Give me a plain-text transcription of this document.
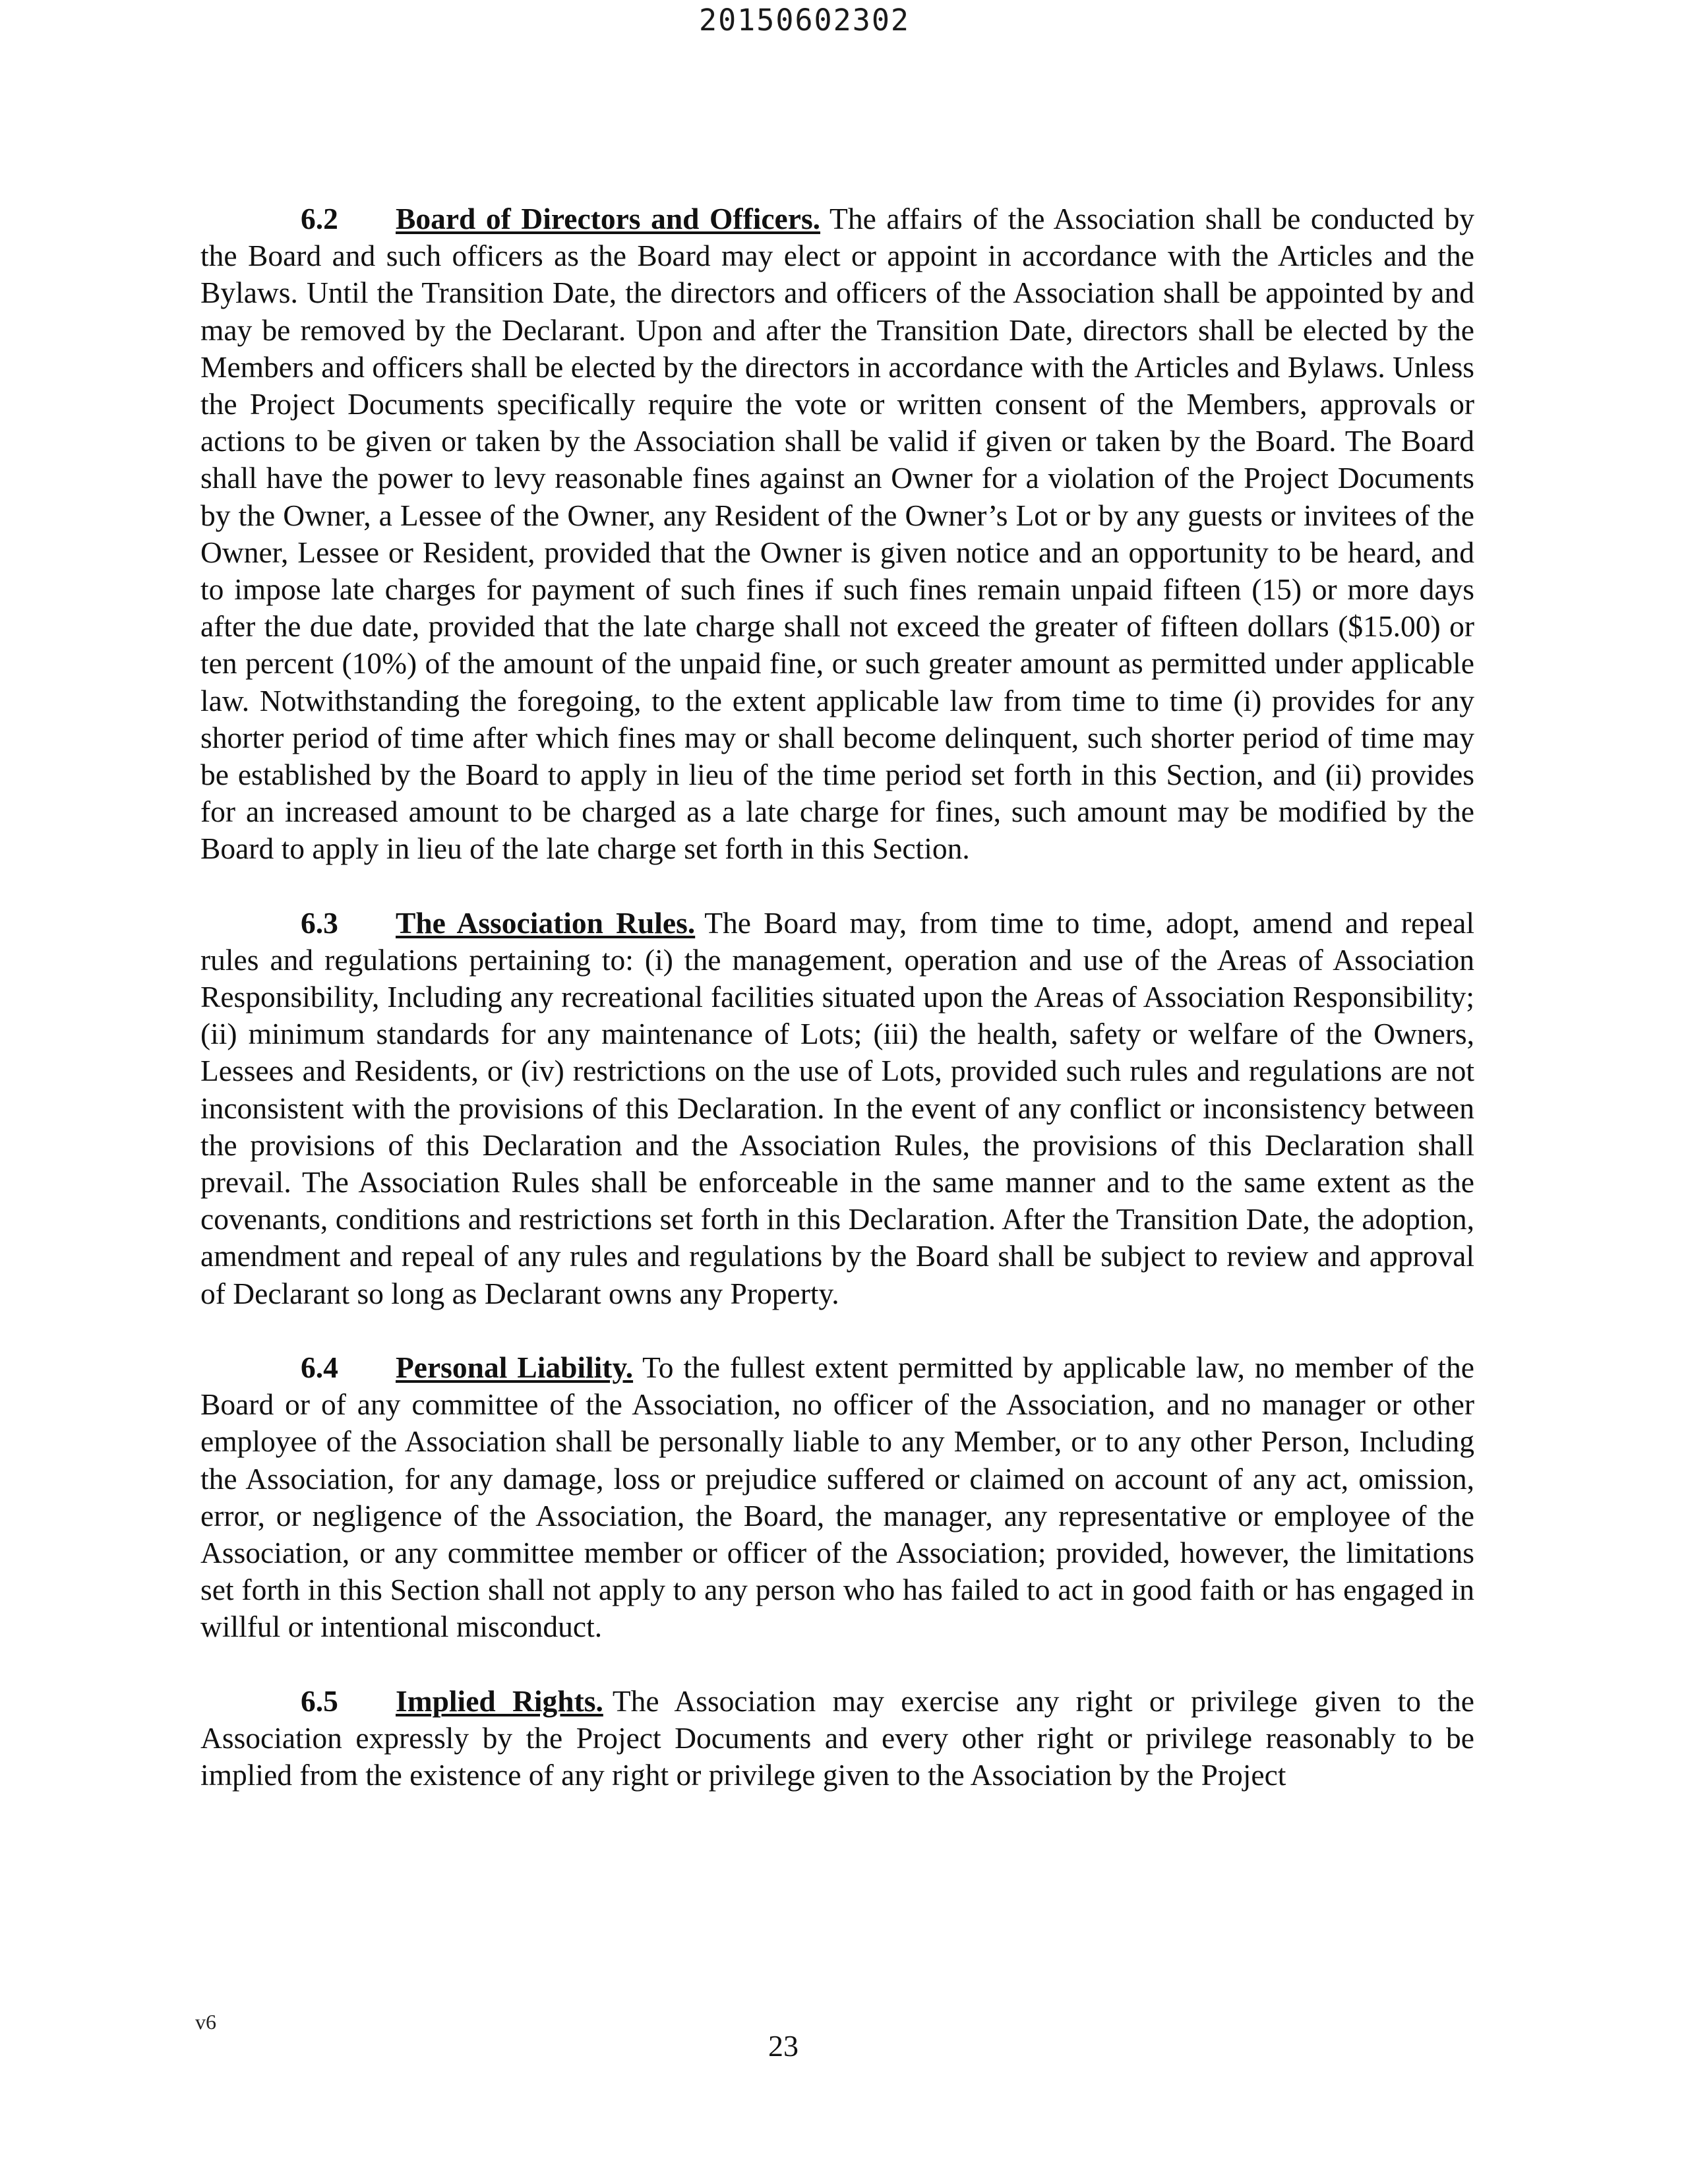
20150602302

6.2 Board of Directors and Officers. The affairs of the Association shall be conducted by the Board and such officers as the Board may elect or appoint in accordance with the Articles and the Bylaws. Until the Transition Date, the directors and officers of the Association shall be appointed by and may be removed by the Declarant. Upon and after the Transition Date, directors shall be elected by the Members and officers shall be elected by the directors in accordance with the Articles and Bylaws. Unless the Project Documents specifically require the vote or written consent of the Members, approvals or actions to be given or taken by the Association shall be valid if given or taken by the Board. The Board shall have the power to levy reasonable fines against an Owner for a violation of the Project Documents by the Owner, a Lessee of the Owner, any Resident of the Owner’s Lot or by any guests or invitees of the Owner, Lessee or Resident, provided that the Owner is given notice and an opportunity to be heard, and to impose late charges for payment of such fines if such fines remain unpaid fifteen (15) or more days after the due date, provided that the late charge shall not exceed the greater of fifteen dollars ($15.00) or ten percent (10%) of the amount of the unpaid fine, or such greater amount as permitted under applicable law. Notwithstanding the foregoing, to the extent applicable law from time to time (i) provides for any shorter period of time after which fines may or shall become delinquent, such shorter period of time may be established by the Board to apply in lieu of the time period set forth in this Section, and (ii) provides for an increased amount to be charged as a late charge for fines, such amount may be modified by the Board to apply in lieu of the late charge set forth in this Section.

6.3 The Association Rules. The Board may, from time to time, adopt, amend and repeal rules and regulations pertaining to: (i) the management, operation and use of the Areas of Association Responsibility, Including any recreational facilities situated upon the Areas of Association Responsibility; (ii) minimum standards for any maintenance of Lots; (iii) the health, safety or welfare of the Owners, Lessees and Residents, or (iv) restrictions on the use of Lots, provided such rules and regulations are not inconsistent with the provisions of this Declaration. In the event of any conflict or inconsistency between the provisions of this Declaration and the Association Rules, the provisions of this Declaration shall prevail. The Association Rules shall be enforceable in the same manner and to the same extent as the covenants, conditions and restrictions set forth in this Declaration. After the Transition Date, the adoption, amendment and repeal of any rules and regulations by the Board shall be subject to review and approval of Declarant so long as Declarant owns any Property.

6.4 Personal Liability. To the fullest extent permitted by applicable law, no member of the Board or of any committee of the Association, no officer of the Association, and no manager or other employee of the Association shall be personally liable to any Member, or to any other Person, Including the Association, for any damage, loss or prejudice suffered or claimed on account of any act, omission, error, or negligence of the Association, the Board, the manager, any representative or employee of the Association, or any committee member or officer of the Association; provided, however, the limitations set forth in this Section shall not apply to any person who has failed to act in good faith or has engaged in willful or intentional misconduct.

6.5 Implied Rights. The Association may exercise any right or privilege given to the Association expressly by the Project Documents and every other right or privilege reasonably to be implied from the existence of any right or privilege given to the Association by the Project

v6
23
